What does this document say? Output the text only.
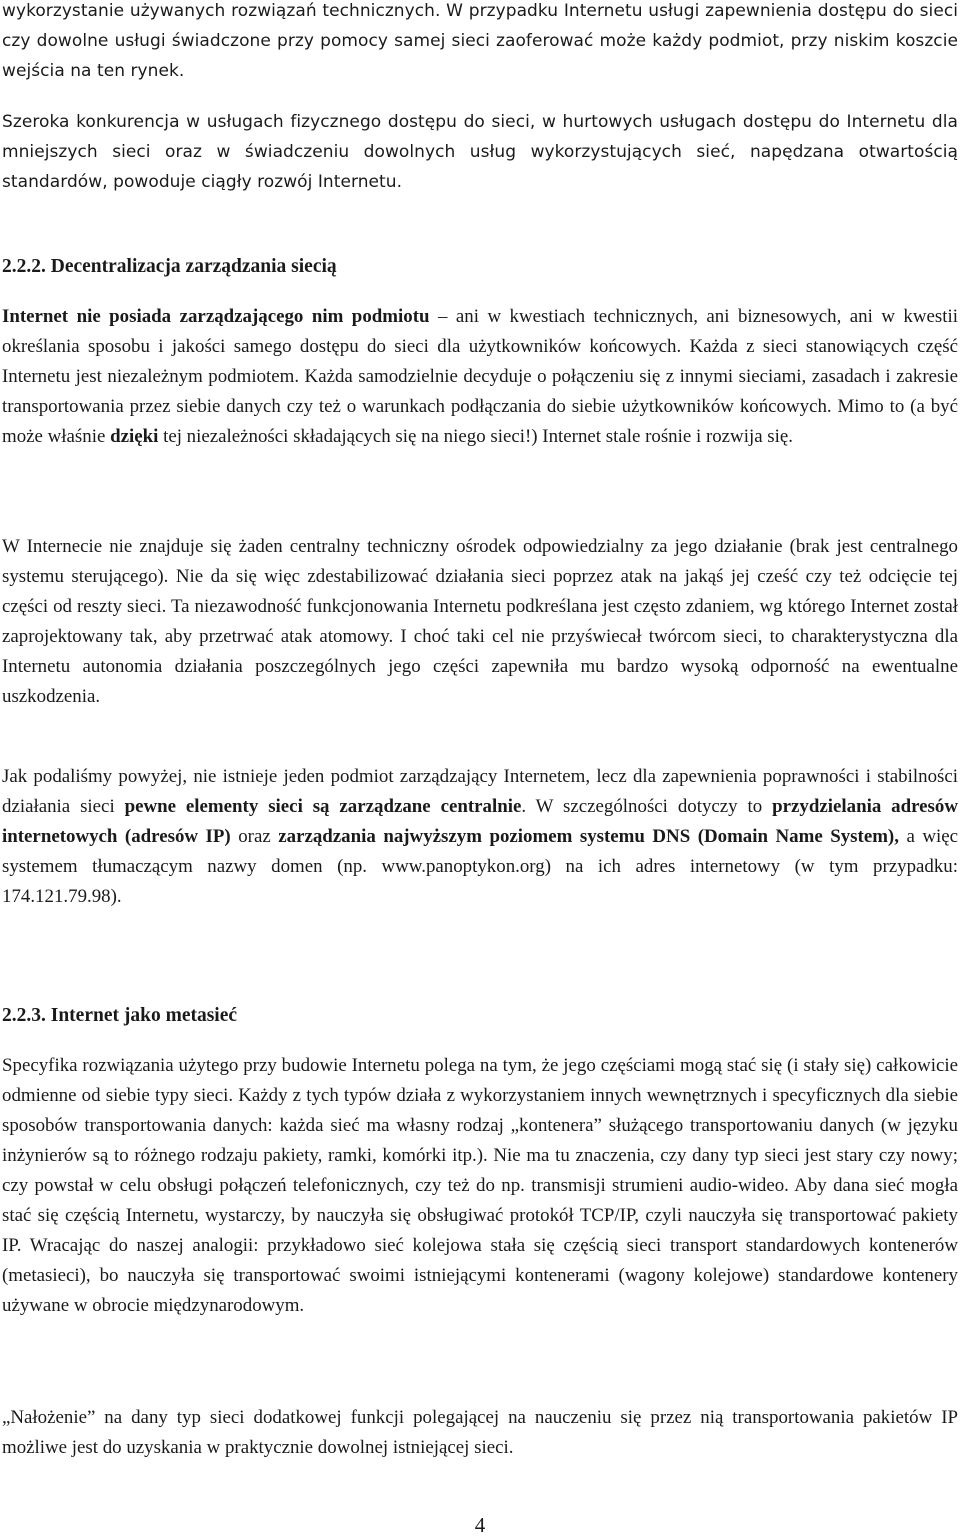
wykorzystanie używanych rozwiązań technicznych. W przypadku Internetu usługi zapewnienia dostępu do sieci czy dowolne usługi świadczone przy pomocy samej sieci zaoferować może każdy podmiot, przy niskim koszcie wejścia na ten rynek.

Szeroka konkurencja w usługach fizycznego dostępu do sieci, w hurtowych usługach dostępu do Internetu dla mniejszych sieci oraz w świadczeniu dowolnych usług wykorzystujących sieć, napędzana otwartością standardów, powoduje ciągły rozwój Internetu.

2.2.2. Decentralizacja zarządzania siecią

Internet nie posiada zarządzającego nim podmiotu – ani w kwestiach technicznych, ani biznesowych, ani w kwestii określania sposobu i jakości samego dostępu do sieci dla użytkowników końcowych. Każda z sieci stanowiących część Internetu jest niezależnym podmiotem. Każda samodzielnie decyduje o połączeniu się z innymi sieciami, zasadach i zakresie transportowania przez siebie danych czy też o warunkach podłączania do siebie użytkowników końcowych. Mimo to (a być może właśnie dzięki tej niezależności składających się na niego sieci!) Internet stale rośnie i rozwija się.

W Internecie nie znajduje się żaden centralny techniczny ośrodek odpowiedzialny za jego działanie (brak jest centralnego systemu sterującego). Nie da się więc zdestabilizować działania sieci poprzez atak na jakąś jej cześć czy też odcięcie tej części od reszty sieci. Ta niezawodność funkcjonowania Internetu podkreślana jest często zdaniem, wg którego Internet został zaprojektowany tak, aby przetrwać atak atomowy. I choć taki cel nie przyświecał twórcom sieci, to charakterystyczna dla Internetu autonomia działania poszczególnych jego części zapewniła mu bardzo wysoką odporność na ewentualne uszkodzenia.

Jak podaliśmy powyżej, nie istnieje jeden podmiot zarządzający Internetem, lecz dla zapewnienia poprawności i stabilności działania sieci pewne elementy sieci są zarządzane centralnie. W szczególności dotyczy to przydzielania adresów internetowych (adresów IP) oraz zarządzania najwyższym poziomem systemu DNS (Domain Name System), a więc systemem tłumaczącym nazwy domen (np. www.panoptykon.org) na ich adres internetowy (w tym przypadku: 174.121.79.98).

2.2.3. Internet jako metasieć

Specyfika rozwiązania użytego przy budowie Internetu polega na tym, że jego częściami mogą stać się (i stały się) całkowicie odmienne od siebie typy sieci. Każdy z tych typów działa z wykorzystaniem innych wewnętrznych i specyficznych dla siebie sposobów transportowania danych: każda sieć ma własny rodzaj „kontenera” służącego transportowaniu danych (w języku inżynierów są to różnego rodzaju pakiety, ramki, komórki itp.). Nie ma tu znaczenia, czy dany typ sieci jest stary czy nowy; czy powstał w celu obsługi połączeń telefonicznych, czy też do np. transmisji strumieni audio-wideo. Aby dana sieć mogła stać się częścią Internetu, wystarczy, by nauczyła się obsługiwać protokół TCP/IP, czyli nauczyła się transportować pakiety IP. Wracając do naszej analogii: przykładowo sieć kolejowa stała się częścią sieci transport standardowych kontenerów (metasieci), bo nauczyła się transportować swoimi istniejącymi kontenerami (wagony kolejowe) standardowe kontenery używane w obrocie międzynarodowym.

„Nałożenie” na dany typ sieci dodatkowej funkcji polegającej na nauczeniu się przez nią transportowania pakietów IP możliwe jest do uzyskania w praktycznie dowolnej istniejącej sieci.

4
